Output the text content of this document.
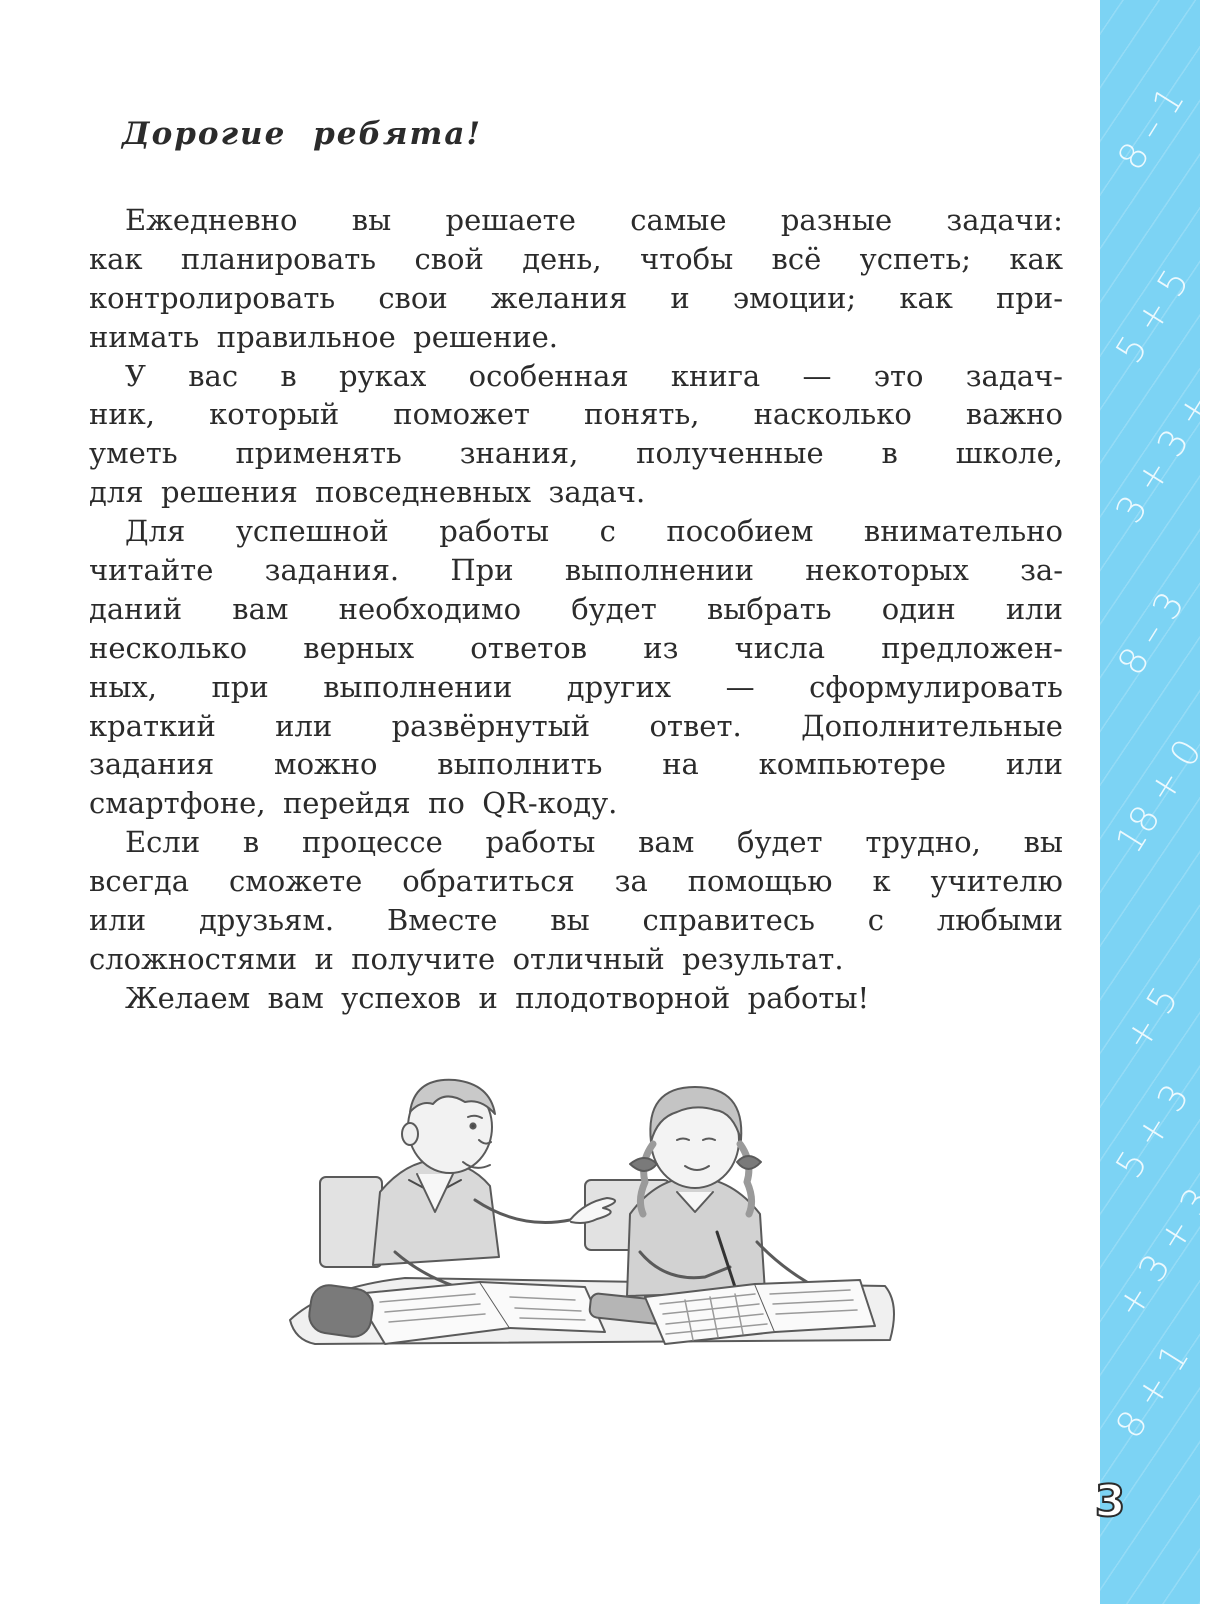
Дорогие ребята!
Ежедневно вы решаете самые разные задачи:
как планировать свой день, чтобы всё успеть; как
контролировать свои желания и эмоции; как при-
нимать правильное решение.
У вас в руках особенная книга — это задач-
ник, который поможет понять, насколько важно
уметь применять знания, полученные в школе,
для решения повседневных задач.
Для успешной работы с пособием внимательно
читайте задания. При выполнении некоторых за-
даний вам необходимо будет выбрать один или
несколько верных ответов из числа предложен-
ных, при выполнении других — сформулировать
краткий или развёрнутый ответ. Дополнительные
задания можно выполнить на компьютере или
смартфоне, перейдя по QR-коду.
Если в процессе работы вам будет трудно, вы
всегда сможете обратиться за помощью к учителю
или друзьям. Вместе вы справитесь с любыми
сложностями и получите отличный результат.
Желаем вам успехов и плодотворной работы!
8 – 1
5 + 5
3 + 3 +
8 – 3
18 + 0
+ 5
5 + 3
+ 3 + 3
8 + 1
3
